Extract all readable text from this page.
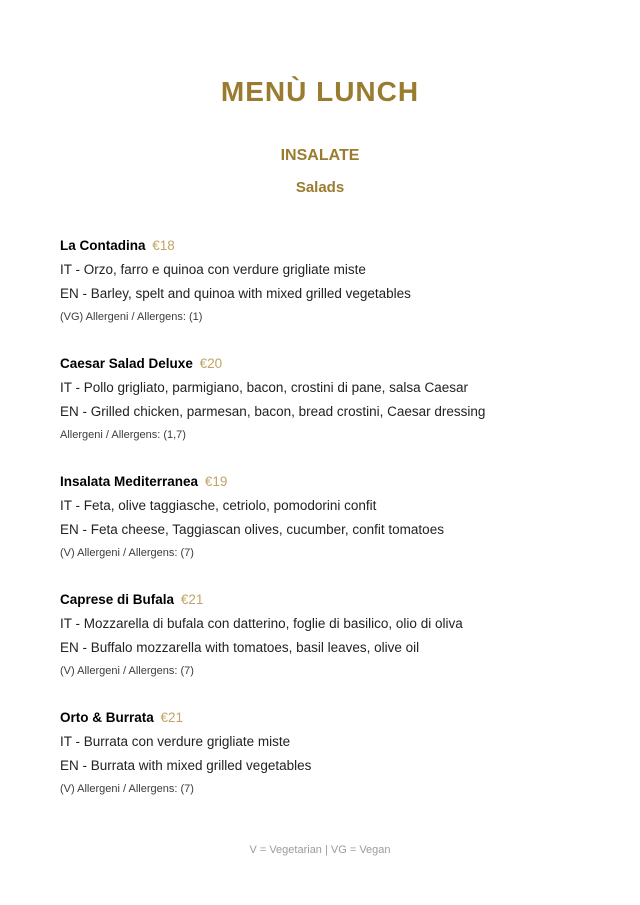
MENÙ LUNCH
INSALATE
Salads

La Contadina €18

IT - Orzo, farro e quinoa con verdure grigliate miste

EN - Barley, spelt and quinoa with mixed grilled vegetables

(VG) Allergeni / Allergens: (1)

Caesar Salad Deluxe €20

IT - Pollo grigliato, parmigiano, bacon, crostini di pane, salsa Caesar

EN - Grilled chicken, parmesan, bacon, bread crostini, Caesar dressing

Allergeni / Allergens: (1,7)

Insalata Mediterranea €19

IT - Feta, olive taggiasche, cetriolo, pomodorini confit

EN - Feta cheese, Taggiascan olives, cucumber, confit tomatoes

(V) Allergeni / Allergens: (7)

Caprese di Bufala €21

IT - Mozzarella di bufala con datterino, foglie di basilico, olio di oliva

EN - Buffalo mozzarella with tomatoes, basil leaves, olive oil

(V) Allergeni / Allergens: (7)

Orto & Burrata €21

IT - Burrata con verdure grigliate miste

EN - Burrata with mixed grilled vegetables

(V) Allergeni / Allergens: (7)

V = Vegetarian | VG = Vegan
